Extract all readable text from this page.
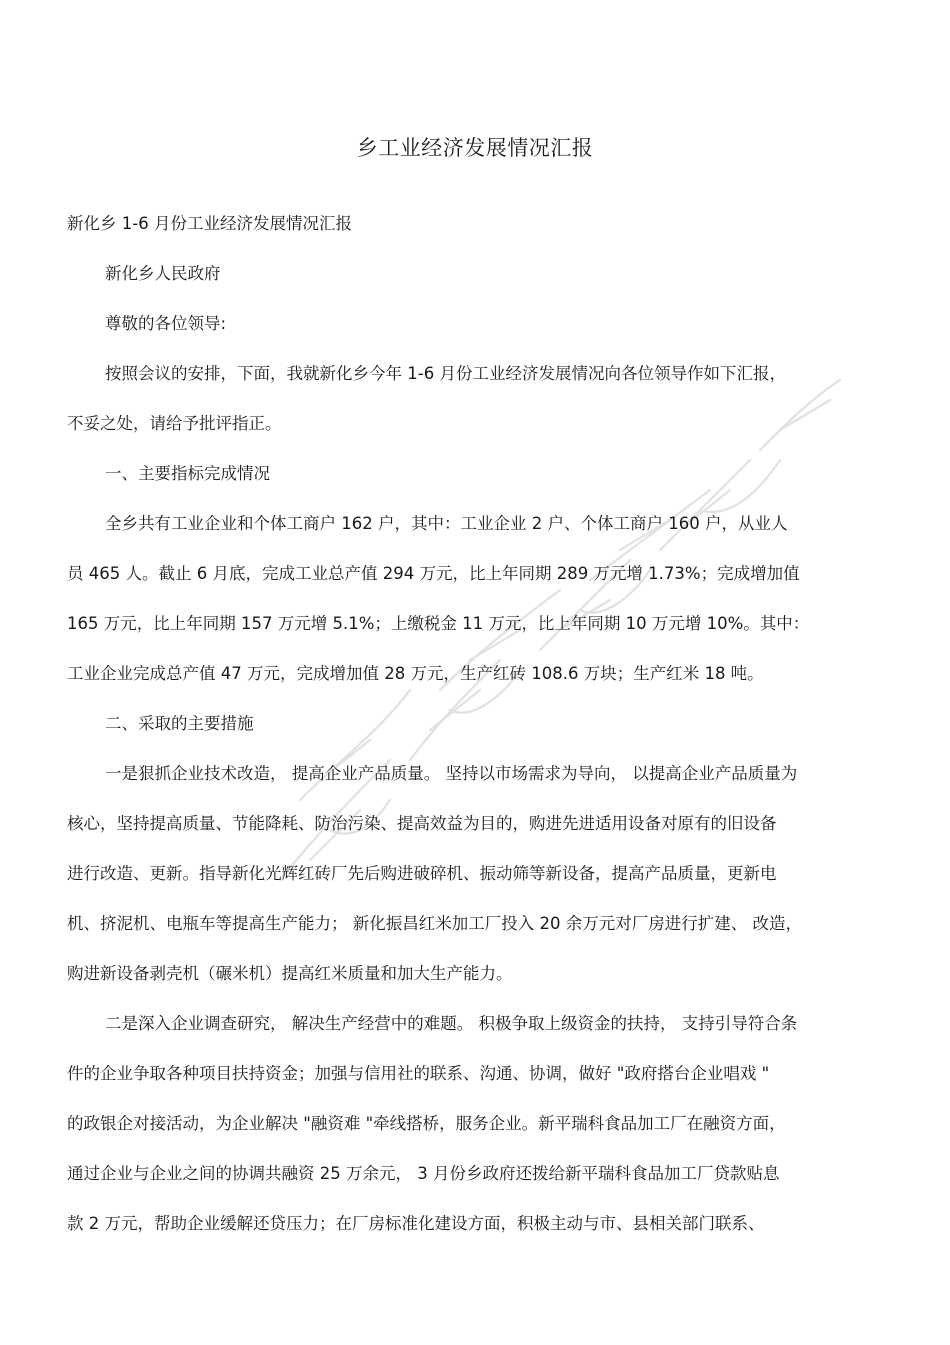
乡工业经济发展情况汇报
新化乡 1-6 月份工业经济发展情况汇报
新化乡人民政府
尊敬的各位领导:
按照会议的安排，下面，我就新化乡今年 1-6 月份工业经济发展情况向各位领导作如下汇报，
不妥之处，请给予批评指正。
一、主要指标完成情况
全乡共有工业企业和个体工商户 162 户，其中：工业企业 2 户、个体工商户 160 户，从业人
员 465 人。截止 6 月底，完成工业总产值 294 万元，比上年同期 289 万元增 1.73%；完成增加值
165 万元，比上年同期 157 万元增 5.1%；上缴税金 11 万元，比上年同期 10 万元增 10%。其中：
工业企业完成总产值 47 万元，完成增加值 28 万元，生产红砖 108.6 万块；生产红米 18 吨。
二、采取的主要措施
一是狠抓企业技术改造， 提高企业产品质量。 坚持以市场需求为导向， 以提高企业产品质量为
核心，坚持提高质量、节能降耗、防治污染、提高效益为目的，购进先进适用设备对原有的旧设备
进行改造、更新。指导新化光辉红砖厂先后购进破碎机、振动筛等新设备，提高产品质量，更新电
机、挤泥机、电瓶车等提高生产能力； 新化振昌红米加工厂投入 20 余万元对厂房进行扩建、 改造，
购进新设备剥壳机（碾米机）提高红米质量和加大生产能力。
二是深入企业调查研究， 解决生产经营中的难题。 积极争取上级资金的扶持， 支持引导符合条
件的企业争取各种项目扶持资金；加强与信用社的联系、沟通、协调，做好 "政府搭台企业唱戏 "
的政银企对接活动，为企业解决 "融资难 "牵线搭桥，服务企业。新平瑞科食品加工厂在融资方面，
通过企业与企业之间的协调共融资 25 万余元， 3 月份乡政府还拨给新平瑞科食品加工厂贷款贴息
款 2 万元，帮助企业缓解还贷压力；在厂房标准化建设方面，积极主动与市、县相关部门联系、
